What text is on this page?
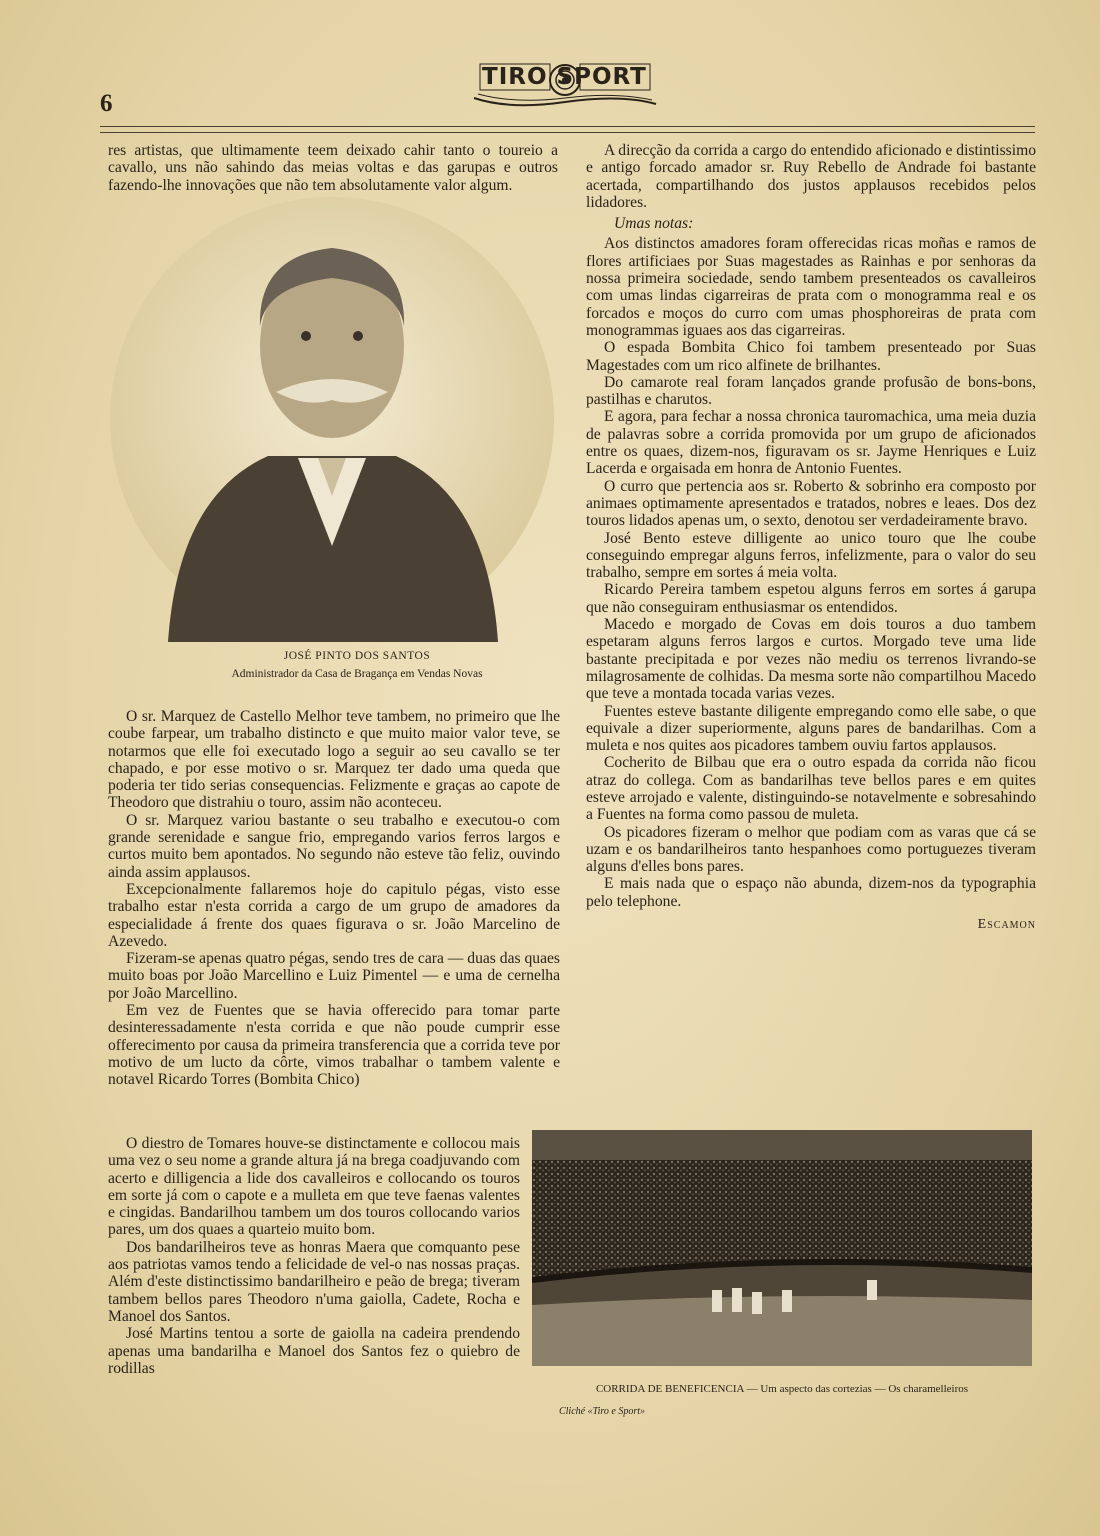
6
TIRO SPORT

res artistas, que ultimamente teem deixado cahir tanto o toureio a cavallo, uns não sahindo das meias voltas e das garupas e outros fazendo-lhe innovações que não tem absolutamente valor algum.

JOSÉ PINTO DOS SANTOS
Administrador da Casa de Bragança em Vendas Novas

O sr. Marquez de Castello Melhor teve tambem, no primeiro que lhe coube farpear, um trabalho distincto e que muito maior valor teve, se notarmos que elle foi executado logo a seguir ao seu cavallo se ter chapado, e por esse motivo o sr. Marquez ter dado uma queda que poderia ter tido serias consequencias. Felizmente e graças ao capote de Theodoro que distrahiu o touro, assim não aconteceu.

O sr. Marquez variou bastante o seu trabalho e executou-o com grande serenidade e sangue frio, empregando varios ferros largos e curtos muito bem apontados. No segundo não esteve tão feliz, ouvindo ainda assim applausos.

Excepcionalmente fallaremos hoje do capitulo pégas, visto esse trabalho estar n'esta corrida a cargo de um grupo de amadores da especialidade á frente dos quaes figurava o sr. João Marcelino de Azevedo.

Fizeram-se apenas quatro pégas, sendo tres de cara — duas das quaes muito boas por João Marcellino e Luiz Pimentel — e uma de cernelha por João Marcellino.

Em vez de Fuentes que se havia offerecido para tomar parte desinteressadamente n'esta corrida e que não poude cumprir esse offerecimento por causa da primeira transferencia que a corrida teve por motivo de um lucto da côrte, vimos trabalhar o tambem valente e notavel Ricardo Torres (Bombita Chico)

O diestro de Tomares houve-se distinctamente e collocou mais uma vez o seu nome a grande altura já na brega coadjuvando com acerto e dilligencia a lide dos cavalleiros e collocando os touros em sorte já com o capote e a mulleta em que teve faenas valentes e cingidas. Bandarilhou tambem um dos touros collocando varios pares, um dos quaes a quarteio muito bom.

Dos bandarilheiros teve as honras Maera que comquanto pese aos patriotas vamos tendo a felicidade de vel-o nas nossas praças. Além d'este distinctissimo bandarilheiro e peão de brega; tiveram tambem bellos pares Theodoro n'uma gaiolla, Cadete, Rocha e Manoel dos Santos.

José Martins tentou a sorte de gaiolla na cadeira prendendo apenas uma bandarilha e Manoel dos Santos fez o quiebro de rodillas

A direcção da corrida a cargo do entendido aficionado e distintissimo e antigo forcado amador sr. Ruy Rebello de Andrade foi bastante acertada, compartilhando dos justos applausos recebidos pelos lidadores.

Umas notas:

Aos distinctos amadores foram offerecidas ricas moñas e ramos de flores artificiaes por Suas magestades as Rainhas e por senhoras da nossa primeira sociedade, sendo tambem presenteados os cavalleiros com umas lindas cigarreiras de prata com o monogramma real e os forcados e moços do curro com umas phosphoreiras de prata com monogrammas iguaes aos das cigarreiras.

O espada Bombita Chico foi tambem presenteado por Suas Magestades com um rico alfinete de brilhantes.

Do camarote real foram lançados grande profusão de bons-bons, pastilhas e charutos.

E agora, para fechar a nossa chronica tauromachica, uma meia duzia de palavras sobre a corrida promovida por um grupo de aficionados entre os quaes, dizem-nos, figuravam os sr. Jayme Henriques e Luiz Lacerda e orgaisada em honra de Antonio Fuentes.

O curro que pertencia aos sr. Roberto & sobrinho era composto por animaes optimamente apresentados e tratados, nobres e leaes. Dos dez touros lidados apenas um, o sexto, denotou ser verdadeiramente bravo.

José Bento esteve dilligente ao unico touro que lhe coube conseguindo empregar alguns ferros, infelizmente, para o valor do seu trabalho, sempre em sortes á meia volta.

Ricardo Pereira tambem espetou alguns ferros em sortes á garupa que não conseguiram enthusiasmar os entendidos.

Macedo e morgado de Covas em dois touros a duo tambem espetaram alguns ferros largos e curtos. Morgado teve uma lide bastante precipitada e por vezes não mediu os terrenos livrando-se milagrosamente de colhidas. Da mesma sorte não compartilhou Macedo que teve a montada tocada varias vezes.

Fuentes esteve bastante diligente empregando como elle sabe, o que equivale a dizer superiormente, alguns pares de bandarilhas. Com a muleta e nos quites aos picadores tambem ouviu fartos applausos.

Cocherito de Bilbau que era o outro espada da corrida não ficou atraz do collega. Com as bandarilhas teve bellos pares e em quites esteve arrojado e valente, distinguindo-se notavelmente e sobresahindo a Fuentes na forma como passou de muleta.

Os picadores fizeram o melhor que podiam com as varas que cá se uzam e os bandarilheiros tanto hespanhoes como portuguezes tiveram alguns d'elles bons pares.

E mais nada que o espaço não abunda, dizem-nos da typographia pelo telephone.

Escamon
CORRIDA DE BENEFICENCIA — Um aspecto das cortezias — Os charamelleiros
Cliché «Tiro e Sport»
